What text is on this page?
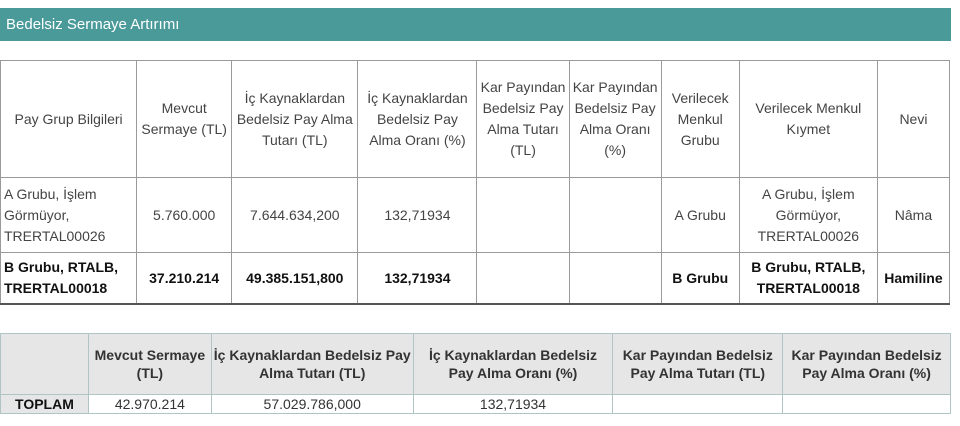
Bedelsiz Sermaye Artırımı
Pay Grup Bilgileri	Mevcut Sermaye (TL)	İç Kaynaklardan Bedelsiz Pay Alma Tutarı (TL)	İç Kaynaklardan Bedelsiz Pay Alma Oranı (%)	Kar Payından Bedelsiz Pay Alma Tutarı (TL)	Kar Payından Bedelsiz Pay Alma Oranı (%)	Verilecek Menkul Grubu	Verilecek Menkul Kıymet	Nevi
A Grubu, İşlem Görmüyor, TRERTAL00026	5.760.000	7.644.634,200	132,71934			A Grubu	A Grubu, İşlem Görmüyor, TRERTAL00026	Nâma
B Grubu, RTALB, TRERTAL00018	37.210.214	49.385.151,800	132,71934			B Grubu	B Grubu, RTALB, TRERTAL00018	Hamiline
	Mevcut Sermaye (TL)	İç Kaynaklardan Bedelsiz Pay Alma Tutarı (TL)	İç Kaynaklardan Bedelsiz Pay Alma Oranı (%)	Kar Payından Bedelsiz Pay Alma Tutarı (TL)	Kar Payından Bedelsiz Pay Alma Oranı (%)
TOPLAM	42.970.214	57.029.786,000	132,71934		
